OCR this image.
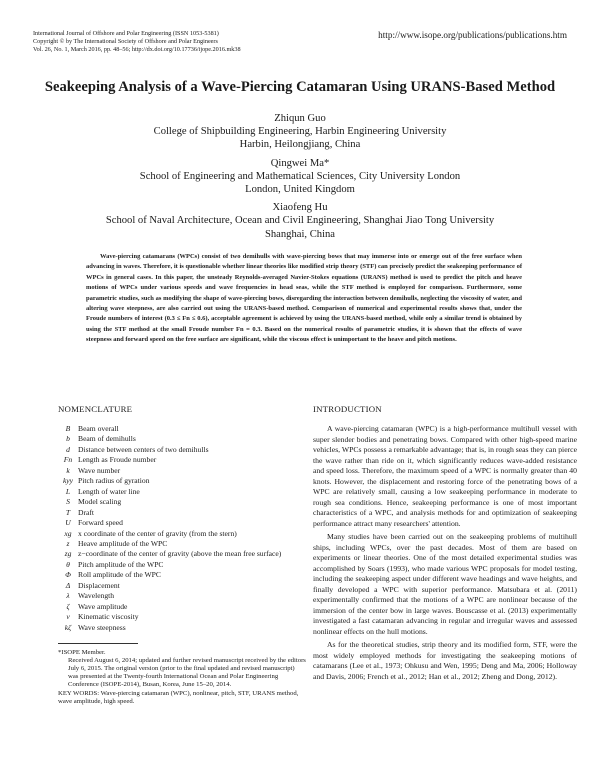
International Journal of Offshore and Polar Engineering (ISSN 1053-5381)
Copyright © by The International Society of Offshore and Polar Engineers
Vol. 26, No. 1, March 2016, pp. 48–56; http://dx.doi.org/10.17736/ijope.2016.mk38
http://www.isope.org/publications/publications.htm
Seakeeping Analysis of a Wave-Piercing Catamaran Using URANS-Based Method
Zhiqun Guo
College of Shipbuilding Engineering, Harbin Engineering University
Harbin, Heilongjiang, China
Qingwei Ma*
School of Engineering and Mathematical Sciences, City University London
London, United Kingdom
Xiaofeng Hu
School of Naval Architecture, Ocean and Civil Engineering, Shanghai Jiao Tong University
Shanghai, China
Wave-piercing catamarans (WPCs) consist of two demihulls with wave-piercing bows that may immerse into or emerge out of the free surface when advancing in waves. Therefore, it is questionable whether linear theories like modified strip theory (STF) can precisely predict the seakeeping performance of WPCs in general cases. In this paper, the unsteady Reynolds-averaged Navier-Stokes equations (URANS) method is used to predict the pitch and heave motions of WPCs under various speeds and wave frequencies in head seas, while the STF method is employed for comparison. Furthermore, some parametric studies, such as modifying the shape of wave-piercing bows, disregarding the interaction between demihulls, neglecting the viscosity of water, and altering wave steepness, are also carried out using the URANS-based method. Comparison of numerical and experimental results shows that, under the Froude numbers of interest (0.3 ≤ Fn ≤ 0.6), acceptable agreement is achieved by using the URANS-based method, while only a similar trend is obtained by using the STF method at the small Froude number Fn = 0.3. Based on the numerical results of parametric studies, it is shown that the effects of wave steepness and forward speed on the free surface are significant, while the viscous effect is unimportant to the heave and pitch motions.
NOMENCLATURE
B	Beam overall
b	Beam of demihulls
d	Distance between centers of two demihulls
Fn Length as Froude number
k	Wave number
kyy Pitch radius of gyration
L	Length of water line
S	Model scaling
T	Draft
U Forward speed
xg x coordinate of the center of gravity (from the stern)
z	Heave amplitude of the WPC
zg z−coordinate of the center of gravity (above the mean free surface)
θ	Pitch amplitude of the WPC
Φ Roll amplitude of the WPC
Δ	Displacement
λ	Wavelength
ζ	Wave amplitude
ν	Kinematic viscosity
kζ Wave steepness

*ISOPE Member.

Received August 6, 2014; updated and further revised manuscript received by the editors July 6, 2015. The original version (prior to the final updated and revised manuscript) was presented at the Twenty-fourth International Ocean and Polar Engineering Conference (ISOPE-2014), Busan, Korea, June 15–20, 2014.

KEY WORDS: Wave-piercing catamaran (WPC), nonlinear, pitch, STF, URANS method, wave amplitude, high speed.

INTRODUCTION

A wave-piercing catamaran (WPC) is a high-performance multihull vessel with super slender bodies and penetrating bows. Compared with other high-speed marine vehicles, WPCs possess a remarkable advantage; that is, in rough seas they can pierce the wave rather than ride on it, which significantly reduces wave-added resistance and speed loss. Therefore, the maximum speed of a WPC is normally greater than 40 knots. However, the displacement and restoring force of the penetrating bows of a WPC are relatively small, causing a low seakeeping performance in moderate to rough sea conditions. Hence, seakeeping performance is one of most important characteristics of a WPC, and analysis methods for and optimization of seakeeping performance attract many researchers' attention.

Many studies have been carried out on the seakeeping problems of multihull ships, including WPCs, over the past decades. Most of them are based on experiments or linear theories. One of the most detailed experimental studies was accomplished by Soars (1993), who made various WPC proposals for model testing, including the seakeeping aspect under different wave headings and wave heights, and finally developed a WPC with superior performance. Matsubara et al. (2011) experimentally confirmed that the motions of a WPC are nonlinear because of the immersion of the center bow in large waves. Bouscasse et al. (2013) experimentally investigated a fast catamaran advancing in regular and irregular waves and assessed nonlinear effects on the hull motions.

As for the theoretical studies, strip theory and its modified form, STF, were the most widely employed methods for investigating the seakeeping motions of catamarans (Lee et al., 1973; Ohkusu and Wen, 1995; Deng and Ma, 2006; Holloway and Davis, 2006; French et al., 2012; Han et al., 2012; Zheng and Dong, 2012).
